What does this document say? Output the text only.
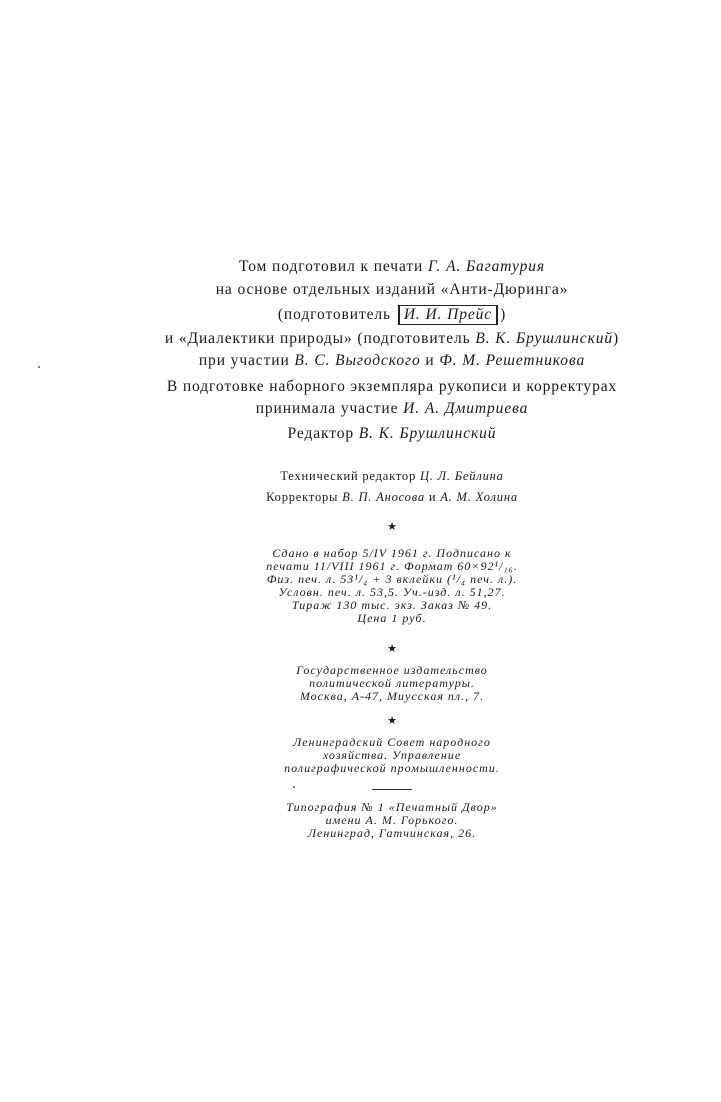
Том подготовил к печати Г. А. Багатурия
на основе отдельных изданий «Анти-Дюринга»
(подготовитель И. И. Прейс )
и «Диалектики природы» (подготовитель В. К. Брушлинский)
при участии В. С. Выгодского и Ф. М. Решетникова
В подготовке наборного экземпляра рукописи и корректурах
принимала участие И. А. Дмитриева
Редактор В. К. Брушлинский
Технический редактор Ц. Л. Бейлина
Корректоры В. П. Аносова и А. М. Холина
★
Сдано в набор 5/IV 1961 г. Подписано к
печати 11/VIII 1961 г. Формат 60×92¹/₁₆.
Физ. печ. л. 53¹/₄ + 3 вклейки (¹/₄ печ. л.).
Условн. печ. л. 53,5. Уч.-изд. л. 51,27.
Тираж 130 тыс. экз. Заказ № 49.
Цена 1 руб.
★
Государственное издательство
политической литературы.
Москва, А-47, Миусская пл., 7.
★
Ленинградский Совет народного
хозяйства. Управление
полиграфической промышленности.
Типография № 1 «Печатный Двор»
имени А. М. Горького.
Ленинград, Гатчинская, 26.
